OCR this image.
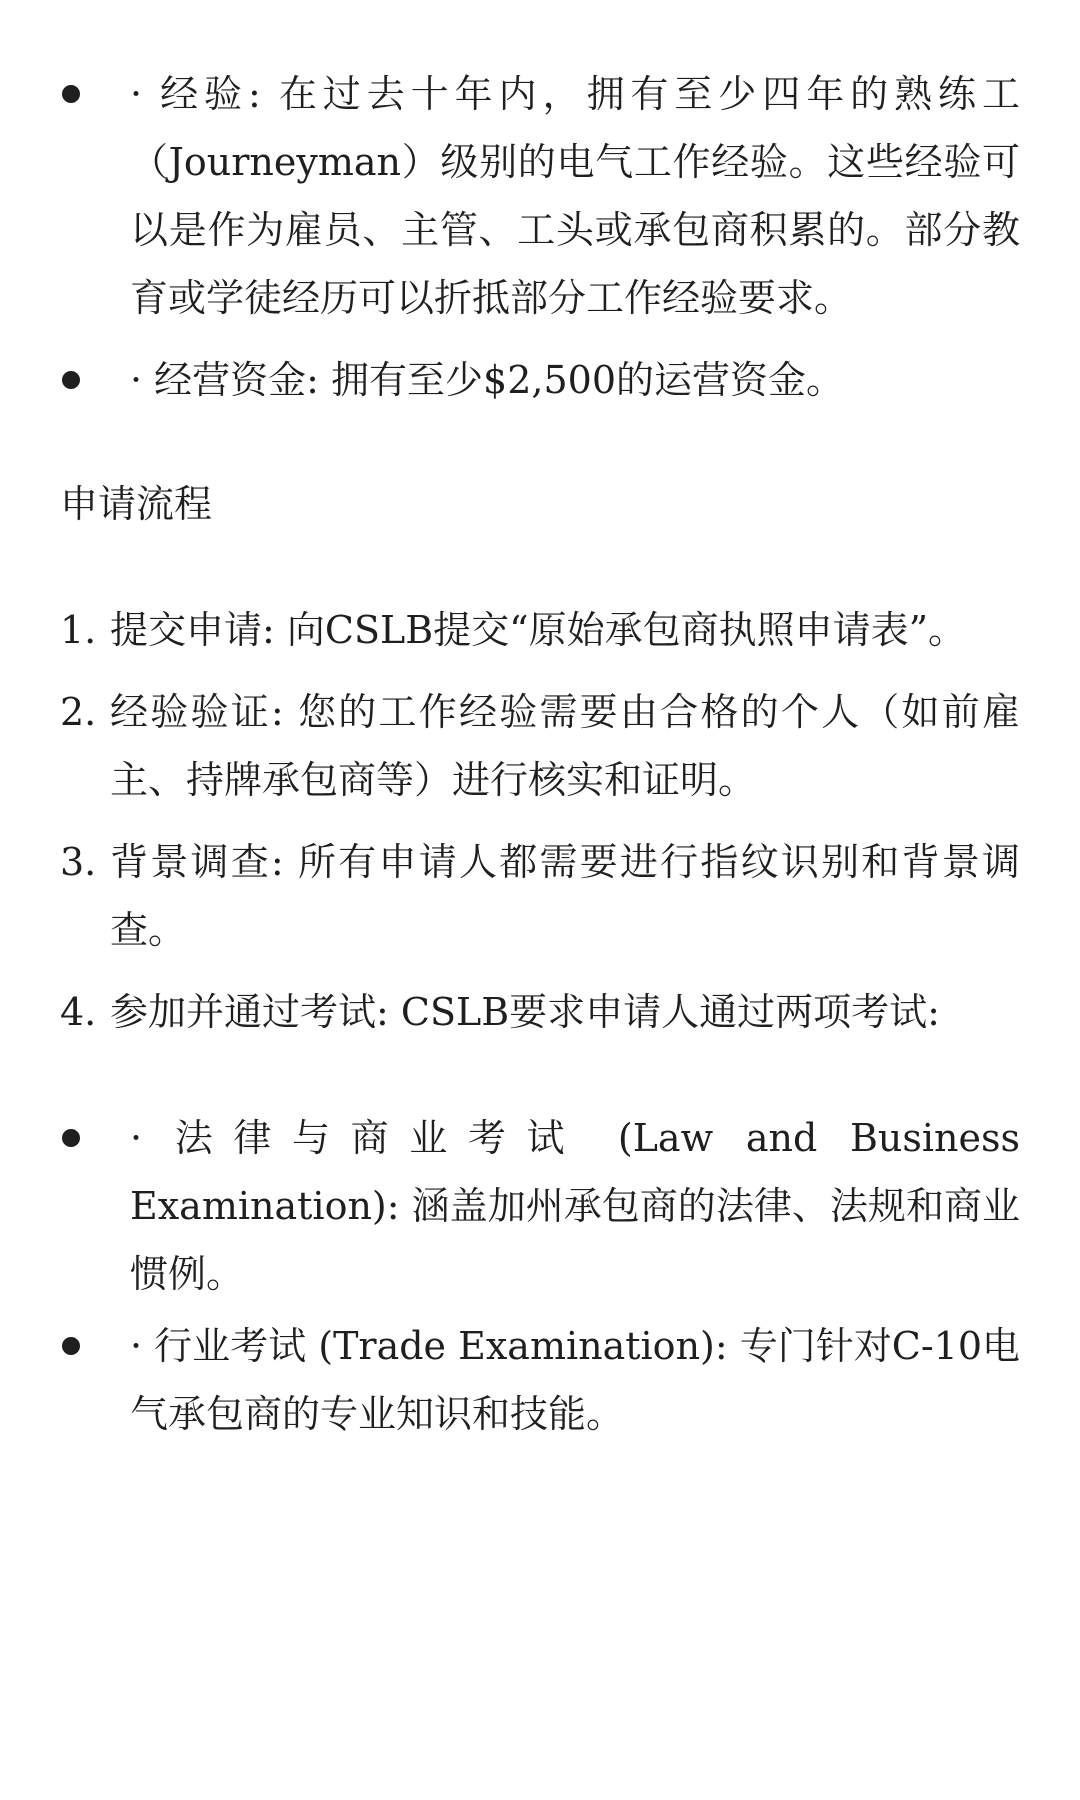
· 经验: 在过去十年内，拥有至少四年的熟练工（Journeyman）级别的电气工作经验。这些经验可以是作为雇员、主管、工头或承包商积累的。部分教育或学徒经历可以折抵部分工作经验要求。
· 经营资金: 拥有至少$2,500的运营资金。
申请流程
1. 提交申请: 向CSLB提交“原始承包商执照申请表”。
2. 经验验证: 您的工作经验需要由合格的个人（如前雇主、持牌承包商等）进行核实和证明。
3. 背景调查: 所有申请人都需要进行指纹识别和背景调查。
4. 参加并通过考试: CSLB要求申请人通过两项考试:
· 法律与商业考试 (Law and Business Examination): 涵盖加州承包商的法律、法规和商业惯例。
· 行业考试 (Trade Examination): 专门针对C-10电气承包商的专业知识和技能。
